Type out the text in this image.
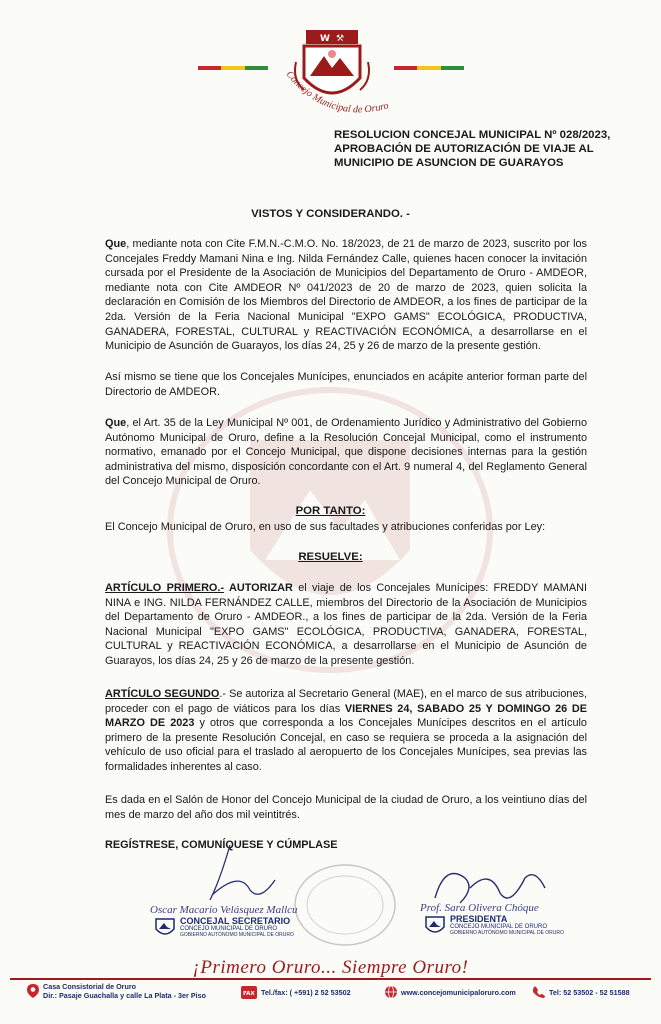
W ⚒
Concejo Municipal de Oruro
RESOLUCION CONCEJAL MUNICIPAL Nº 028/2023,
APROBACIÓN DE AUTORIZACIÓN DE VIAJE AL
MUNICIPIO DE ASUNCION DE GUARAYOS
VISTOS Y CONSIDERANDO. -
Que, mediante nota con Cite F.M.N.-C.M.O. No. 18/2023, de 21 de marzo de 2023, suscrito por los Concejales Freddy Mamani Nina e Ing. Nilda Fernández Calle, quienes hacen conocer la invitación cursada por el Presidente de la Asociación de Municipios del Departamento de Oruro - AMDEOR, mediante nota con Cite AMDEOR Nº 041/2023 de 20 de marzo de 2023, quien solicita la declaración en Comisión de los Miembros del Directorio de AMDEOR, a los fines de participar de la 2da. Versión de la Feria Nacional Municipal "EXPO GAMS" ECOLÓGICA, PRODUCTIVA, GANADERA, FORESTAL, CULTURAL y REACTIVACIÓN ECONÓMICA, a desarrollarse en el Municipio de Asunción de Guarayos, los días 24, 25 y 26 de marzo de la presente gestión.
Así mismo se tiene que los Concejales Munícipes, enunciados en acápite anterior forman parte del Directorio de AMDEOR.
Que, el Art. 35 de la Ley Municipal Nº 001, de Ordenamiento Jurídico y Administrativo del Gobierno Autónomo Municipal de Oruro, define a la Resolución Concejal Municipal, como el instrumento normativo, emanado por el Concejo Municipal, que dispone decisiones internas para la gestión administrativa del mismo, disposición concordante con el Art. 9 numeral 4, del Reglamento General del Concejo Municipal de Oruro.
POR TANTO:
El Concejo Municipal de Oruro, en uso de sus facultades y atribuciones conferidas por Ley:
RESUELVE:
ARTÍCULO PRIMERO.- AUTORIZAR el viaje de los Concejales Munícipes: FREDDY MAMANI NINA e ING. NILDA FERNÁNDEZ CALLE, miembros del Directorio de la Asociación de Municipios del Departamento de Oruro - AMDEOR., a los fines de participar de la 2da. Versión de la Feria Nacional Municipal "EXPO GAMS" ECOLÓGICA, PRODUCTIVA, GANADERA, FORESTAL, CULTURAL y REACTIVACIÓN ECONÓMICA, a desarrollarse en el Municipio de Asunción de Guarayos, los días 24, 25 y 26 de marzo de la presente gestión.
ARTÍCULO SEGUNDO.- Se autoriza al Secretario General (MAE), en el marco de sus atribuciones, proceder con el pago de viáticos para los días VIERNES 24, SABADO 25 Y DOMINGO 26 DE MARZO DE 2023 y otros que corresponda a los Concejales Munícipes descritos en el artículo primero de la presente Resolución Concejal, en caso se requiera se proceda a la asignación del vehículo de uso oficial para el traslado al aeropuerto de los Concejales Munícipes, sea previas las formalidades inherentes al caso.
Es dada en el Salón de Honor del Concejo Municipal de la ciudad de Oruro, a los veintiuno días del mes de marzo del año dos mil veintitrés.
REGÍSTRESE, COMUNÍQUESE Y CÚMPLASE
Oscar Macario Velásquez Mallcu
CONCEJAL SECRETARIO
CONCEJO MUNICIPAL DE ORURO
GOBIERNO AUTÓNOMO MUNICIPAL DE ORURO
Prof. Sara Olivera Chóque
PRESIDENTA
CONCEJO MUNICIPAL DE ORURO
GOBIERNO AUTÓNOMO MUNICIPAL DE ORURO
¡Primero Oruro... Siempre Oruro!
Casa Consistorial de Oruro
Dir.: Pasaje Guachalla y calle La Plata - 3er Piso	FAX Tel./fax: ( +591) 2 52 53502	www.concejomunicipaloruro.com	Tel: 52 53502 - 52 51588
